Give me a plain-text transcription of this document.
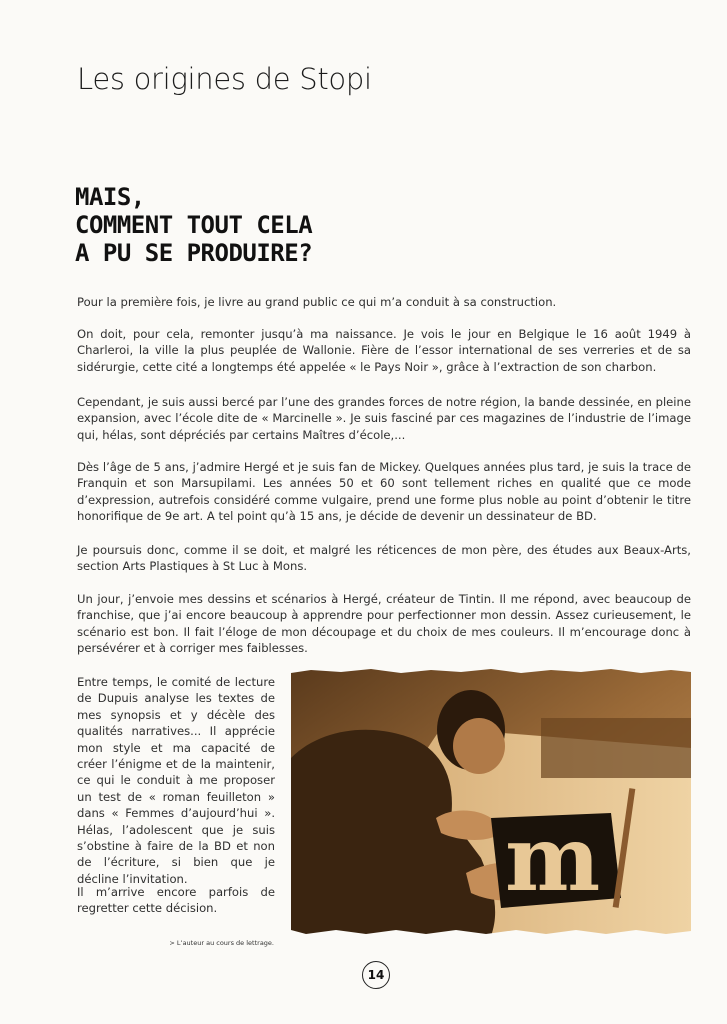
Les origines de Stopi
MAIS,
COMMENT TOUT CELA
A PU SE PRODUIRE?

Pour la première fois, je livre au grand public ce qui m’a conduit à sa construction.

On doit, pour cela, remonter jusqu’à ma naissance. Je vois le jour en Belgique le 16 août 1949 à Charleroi, la ville la plus peuplée de Wallonie. Fière de l’essor international de ses verreries et de sa sidérurgie, cette cité a longtemps été appelée « le Pays Noir », grâce à l’extraction de son charbon.

Cependant, je suis aussi bercé par l’une des grandes forces de notre région, la bande dessinée, en pleine expansion, avec l’école dite de « Marcinelle ». Je suis fasciné par ces magazines de l’industrie de l’image qui, hélas, sont dépréciés par certains Maîtres d’école,...

Dès l’âge de 5 ans, j’admire Hergé et je suis fan de Mickey. Quelques années plus tard, je suis la trace de Franquin et son Marsupilami. Les années 50 et 60 sont tellement riches en qualité que ce mode d’expression, autrefois considéré comme vulgaire, prend une forme plus noble au point d’obtenir le titre honorifique de 9e art. A tel point qu’à 15 ans, je décide de devenir un dessinateur de BD.

Je poursuis donc, comme il se doit, et malgré les réticences de mon père, des études aux Beaux-Arts, section Arts Plastiques à St Luc à Mons.

Un jour, j’envoie mes dessins et scénarios à Hergé, créateur de Tintin. Il me répond, avec beaucoup de franchise, que j’ai encore beaucoup à apprendre pour perfectionner mon dessin. Assez curieusement, le scénario est bon. Il fait l’éloge de mon découpage et du choix de mes couleurs. Il m’encourage donc à persévérer et à corriger mes faiblesses.

Entre temps, le comité de lecture de Dupuis analyse les textes de mes synopsis et y décèle des qualités narratives... Il apprécie mon style et ma capacité de créer l’énigme et de la maintenir, ce qui le conduit à me proposer un test de « roman feuilleton » dans « Femmes d’aujourd’hui ». Hélas, l’adolescent que je suis s’obstine à faire de la BD et non de l’écriture, si bien que je décline l’invitation.

Il m’arrive encore parfois de regretter cette décision.	m
> L’auteur au cours de lettrage.
14
